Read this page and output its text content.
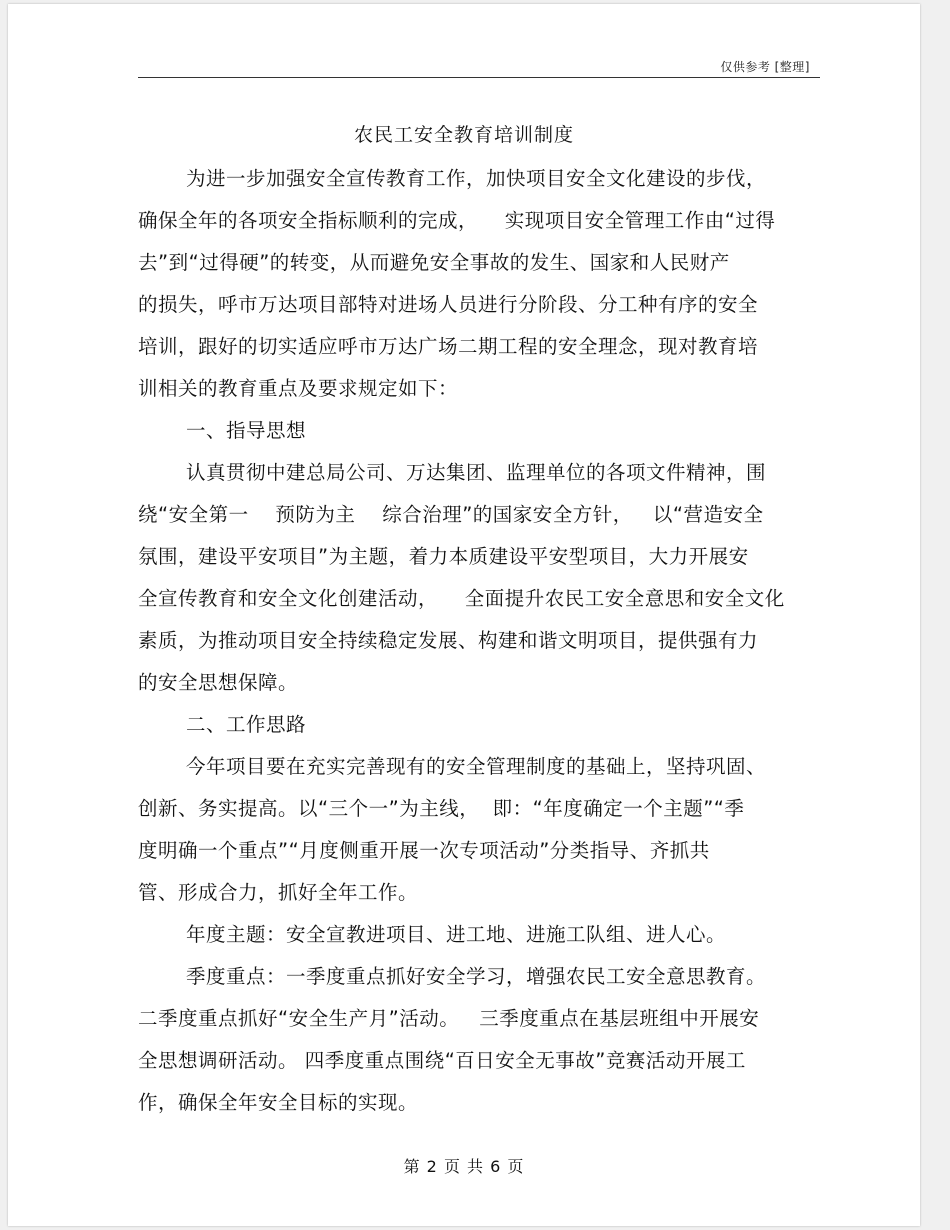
仅供参考 [整理]
农民工安全教育培训制度
为进一步加强安全宣传教育工作，加快项目安全文化建设的步伐，
确保全年的各项安全指标顺利的完成，    实现项目安全管理工作由“过得
去”到“过得硬”的转变，从而避免安全事故的发生、国家和人民财产
的损失，呼市万达项目部特对进场人员进行分阶段、分工种有序的安全
培训，跟好的切实适应呼市万达广场二期工程的安全理念，现对教育培
训相关的教育重点及要求规定如下：
一、指导思想
认真贯彻中建总局公司、万达集团、监理单位的各项文件精神，围
绕“安全第一    预防为主    综合治理”的国家安全方针，   以“营造安全
氛围，建设平安项目”为主题，着力本质建设平安型项目，大力开展安
全宣传教育和安全文化创建活动，    全面提升农民工安全意思和安全文化
素质，为推动项目安全持续稳定发展、构建和谐文明项目，提供强有力
的安全思想保障。
二、工作思路
今年项目要在充实完善现有的安全管理制度的基础上，坚持巩固、
创新、务实提高。以“三个一”为主线，  即：“年度确定一个主题”“季
度明确一个重点”“月度侧重开展一次专项活动”分类指导、齐抓共
管、形成合力，抓好全年工作。
年度主题：安全宣教进项目、进工地、进施工队组、进人心。
季度重点：一季度重点抓好安全学习，增强农民工安全意思教育。
二季度重点抓好“安全生产月”活动。   三季度重点在基层班组中开展安
全思想调研活动。 四季度重点围绕“百日安全无事故”竞赛活动开展工
作，确保全年安全目标的实现。
第 2 页 共 6 页
